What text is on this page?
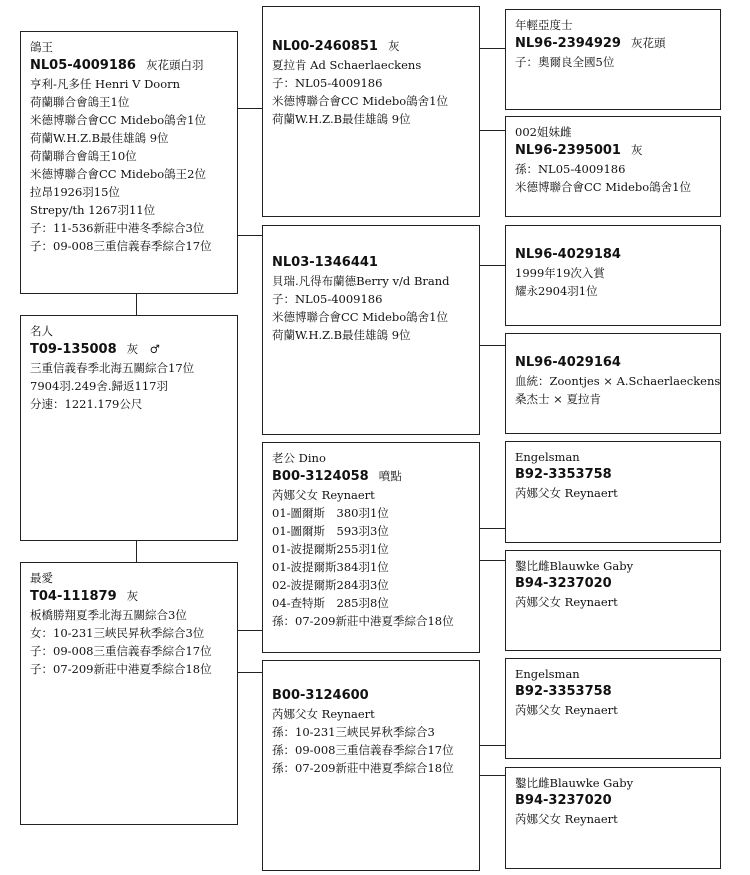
鴿王
NL05-4009186 灰花頭白羽
亨利-凡多任 Henri V Doorn
荷蘭聯合會鴿王1位
米德博聯合會CC Midebo鴿舍1位
荷蘭W.H.Z.B最佳雄鴿 9位
荷蘭聯合會鴿王10位
米德博聯合會CC Midebo鴿王2位
拉昂1926羽15位
Strepy/th 1267羽11位
子：11-536新莊中港冬季綜合3位
子：09-008三重信義春季綜合17位
名人
T09-135008 灰　♂
三重信義春季北海五關綜合17位
7904羽.249舍.歸返117羽
分速：1221.179公尺
最愛
T04-111879 灰
板橋勝翔夏季北海五關綜合3位
女：10-231三峽民昇秋季綜合3位
子：09-008三重信義春季綜合17位
子：07-209新莊中港夏季綜合18位
NL00-2460851 灰
夏拉肯 Ad Schaerlaeckens
子：NL05-4009186
米德博聯合會CC Midebo鴿舍1位
荷蘭W.H.Z.B最佳雄鴿 9位
NL03-1346441
貝瑞.凡得布蘭德Berry v/d Brand
子：NL05-4009186
米德博聯合會CC Midebo鴿舍1位
荷蘭W.H.Z.B最佳雄鴿 9位
老公 Dino
B00-3124058 噴點
芮娜父女 Reynaert
01-圖爾斯　380羽1位
01-圖爾斯　593羽3位
01-波提爾斯255羽1位
01-波提爾斯384羽1位
02-波提爾斯284羽3位
04-查特斯　285羽8位
孫：07-209新莊中港夏季綜合18位
B00-3124600
芮娜父女 Reynaert
孫：10-231三峽民昇秋季綜合3
孫：09-008三重信義春季綜合17位
孫：07-209新莊中港夏季綜合18位
年輕亞度士
NL96-2394929 灰花頭
子：奧爾良全國5位
002姐妹雌
NL96-2395001 灰
孫：NL05-4009186
米德博聯合會CC Midebo鴿舍1位
NL96-4029184
1999年19次入賞
耀永2904羽1位
NL96-4029164
血統：Zoontjes × A.Schaerlaeckens
桑杰士 × 夏拉肯
Engelsman
B92-3353758
芮娜父女 Reynaert
鑿比雌Blauwke Gaby
B94-3237020
芮娜父女 Reynaert
Engelsman
B92-3353758
芮娜父女 Reynaert
鑿比雌Blauwke Gaby
B94-3237020
芮娜父女 Reynaert
